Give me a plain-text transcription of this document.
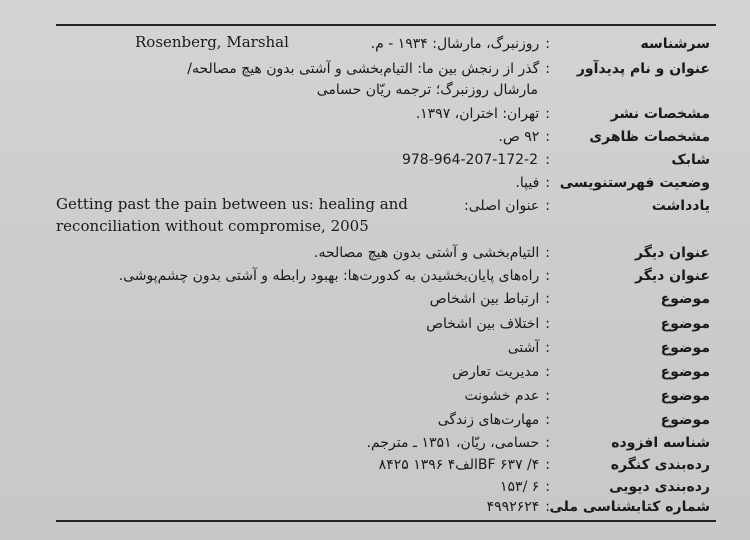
سرشناسه
:روزنبرگ، مارشال: ۱۹۳۴ - م.
Rosenberg, Marshal
عنوان و نام پدیدآور
:گذر از رنجش بین ما: التیام‌بخشی و آشتی بدون هیچ مصالحه/
مارشال روزنبرگ؛ ترجمه ریّان حسامی
مشخصات نشر
:تهران: اختران، ۱۳۹۷.
مشخصات ظاهری
:۹۲ ص.
شابک
:
978-964-207-172-2
وضعیت فهرستنویسی
:فیپا.
یادداشت
:عنوان اصلی:
Getting past the pain between us: healing and
reconciliation without compromise, 2005
عنوان دیگر
:التیام‌بخشی و آشتی بدون هیچ مصالحه.
عنوان دیگر
:راه‌های پایان‌بخشیدن به کدورت‌ها: بهبود رابطه و آشتی بدون چشم‌پوشی.
موضوع
:ارتباط بین اشخاص
موضوع
:اختلاف بین اشخاص
موضوع
:آشتی
موضوع
:مدیریت تعارض
موضوع
:عدم خشونت
موضوع
:مهارت‌های زندگی
شناسه افزوده
:حسامی، ریّان، ۱۳۵۱ ـ مترجم.
رده‌بندی کنگره
:BF ۶۳۷ /۴الف۴ ۱۳۹۶ ۸۴۲۵
رده‌بندی دیویی
:۶ /۱۵۳
شماره کتابشناسی ملی
:۴۹۹۲۶۲۴
